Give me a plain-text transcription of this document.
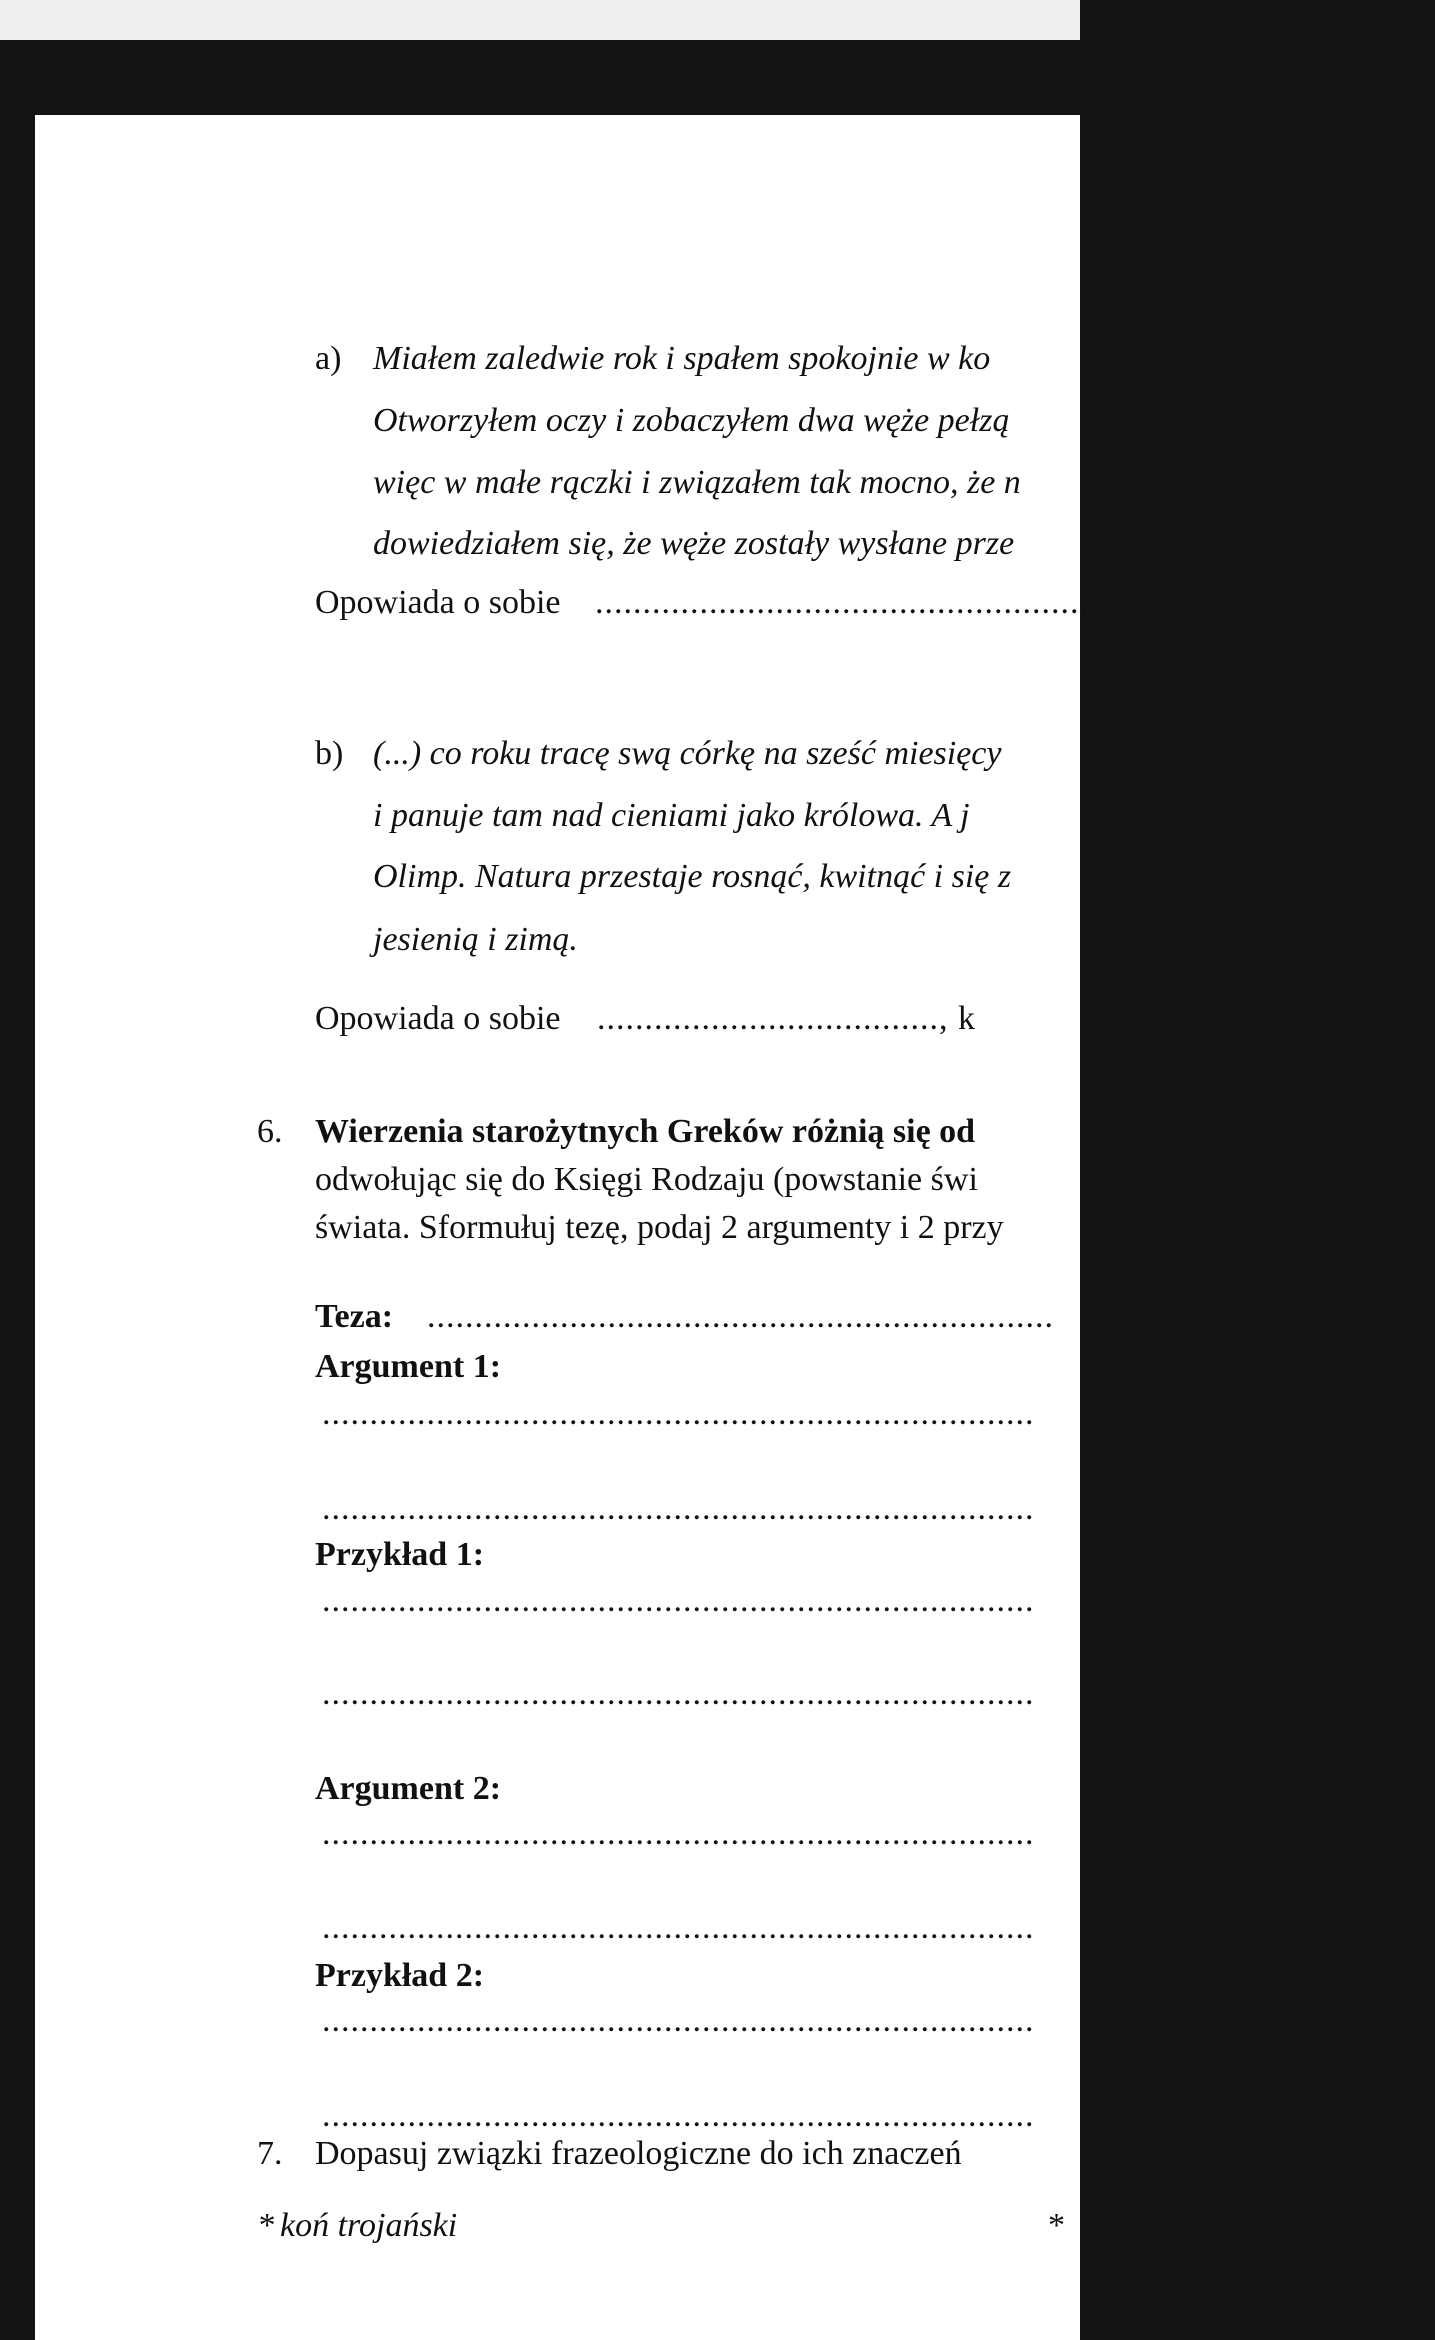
a) Miałem zaledwie rok i spałem spokojnie w ko
Otworzyłem oczy i zobaczyłem dwa węże pełzą
więc w małe rączki i związałem tak mocno, że n
dowiedziałem się, że węże zostały wysłane prze
Opowiada o sobie ............................................................
b) (...) co roku tracę swą córkę na sześć miesięcy
i panuje tam nad cieniami jako królowa. A j
Olimp. Natura przestaje rosnąć, kwitnąć i się z
jesienią i zimą.
Opowiada o sobie ...................................., k
6. Wierzenia starożytnych Greków różnią się od
odwołując się do Księgi Rodzaju (powstanie świ
świata. Sformułuj tezę, podaj 2 argumenty i 2 przy
Teza: ..................................................................
Argument 1:
...........................................................................
...........................................................................
Przykład 1:
...........................................................................
...........................................................................
Argument 2:
...........................................................................
...........................................................................
Przykład 2:
...........................................................................
...........................................................................
7. Dopasuj związki frazeologiczne do ich znaczeń
* koń trojański	*
